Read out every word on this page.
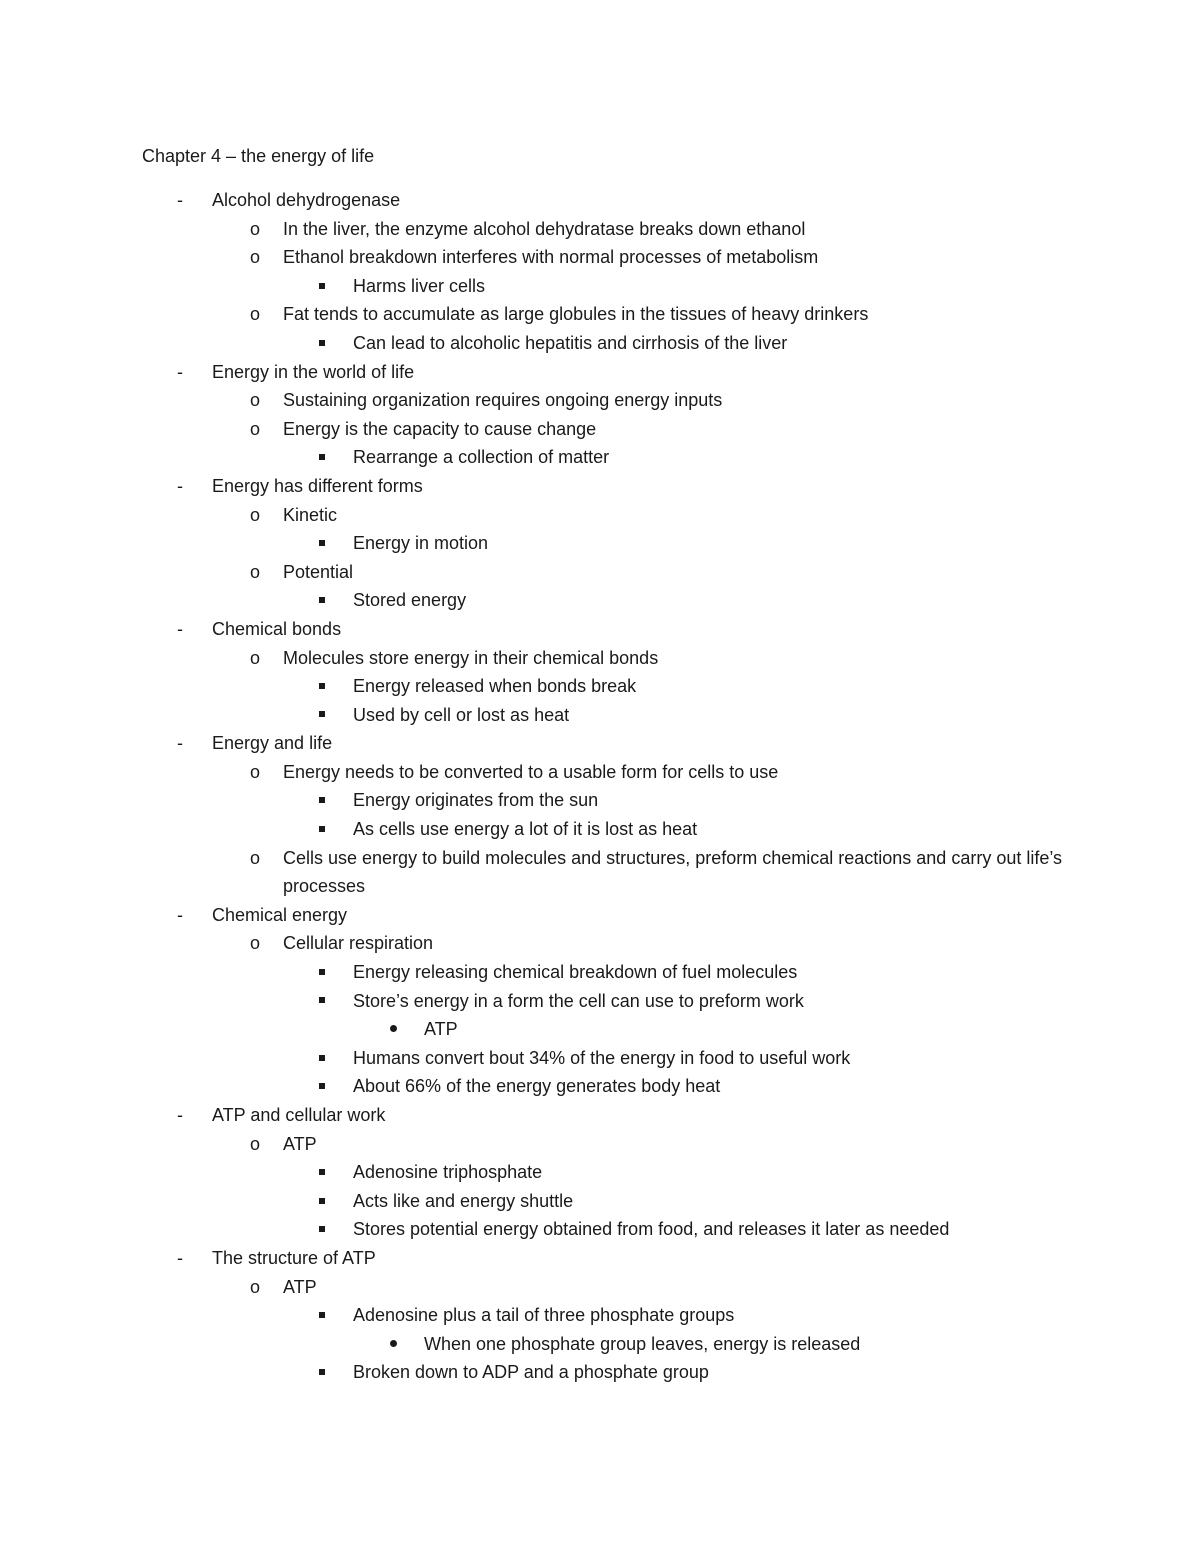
Chapter 4 – the energy of life
-	Alcohol dehydrogenase
o In the liver, the enzyme alcohol dehydratase breaks down ethanol
o Ethanol breakdown interferes with normal processes of metabolism
Harms liver cells
o Fat tends to accumulate as large globules in the tissues of heavy drinkers
Can lead to alcoholic hepatitis and cirrhosis of the liver
-	Energy in the world of life
o Sustaining organization requires ongoing energy inputs
o Energy is the capacity to cause change
Rearrange a collection of matter
-	Energy has different forms
o Kinetic
Energy in motion
o Potential
Stored energy
-	Chemical bonds
o Molecules store energy in their chemical bonds
Energy released when bonds break
Used by cell or lost as heat
-	Energy and life
o Energy needs to be converted to a usable form for cells to use
Energy originates from the sun
As cells use energy a lot of it is lost as heat
o Cells use energy to build molecules and structures, preform chemical reactions and carry out life’s processes
-	Chemical energy
o Cellular respiration
Energy releasing chemical breakdown of fuel molecules
Store’s energy in a form the cell can use to preform work
ATP
Humans convert bout 34% of the energy in food to useful work
About 66% of the energy generates body heat
-	ATP and cellular work
o ATP
Adenosine triphosphate
Acts like and energy shuttle
Stores potential energy obtained from food, and releases it later as needed
-	The structure of ATP
o ATP
Adenosine plus a tail of three phosphate groups
When one phosphate group leaves, energy is released
Broken down to ADP and a phosphate group
